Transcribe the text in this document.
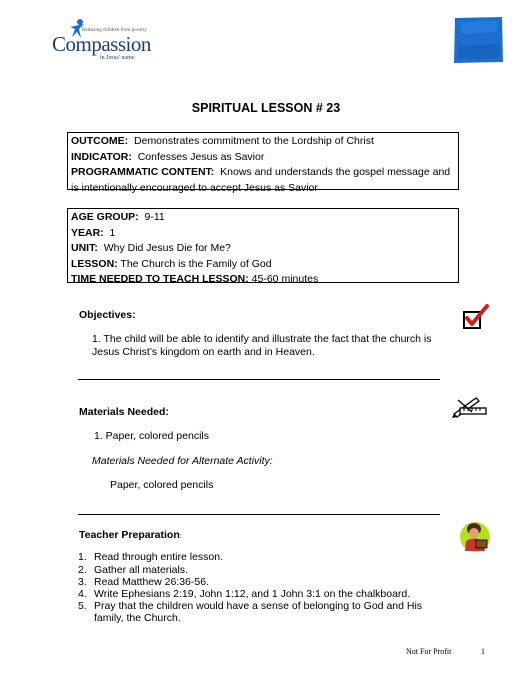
Releasing children from poverty
Compassion
in Jesus' name
SPIRITUAL LESSON # 23
OUTCOME: Demonstrates commitment to the Lordship of Christ
INDICATOR: Confesses Jesus as Savior
PROGRAMMATIC CONTENT: Knows and understands the gospel message and
is intentionally encouraged to accept Jesus as Savior
AGE GROUP: 9-11
YEAR: 1
UNIT: Why Did Jesus Die for Me?
LESSON: The Church is the Family of God
TIME NEEDED TO TEACH LESSON: 45-60 minutes
Objectives:
1. The child will be able to identify and illustrate the fact that the church is
Jesus Christ’s kingdom on earth and in Heaven.
Materials Needed:
1. Paper, colored pencils
Materials Needed for Alternate Activity:
Paper, colored pencils
Teacher Preparation:
1. Read through entire lesson.
2. Gather all materials.
3. Read Matthew 26:36-56.
4. Write Ephesians 2:19, John 1:12, and 1 John 3:1 on the chalkboard.
5. Pray that the children would have a sense of belonging to God and His
family, the Church.
Not For Profit	1
